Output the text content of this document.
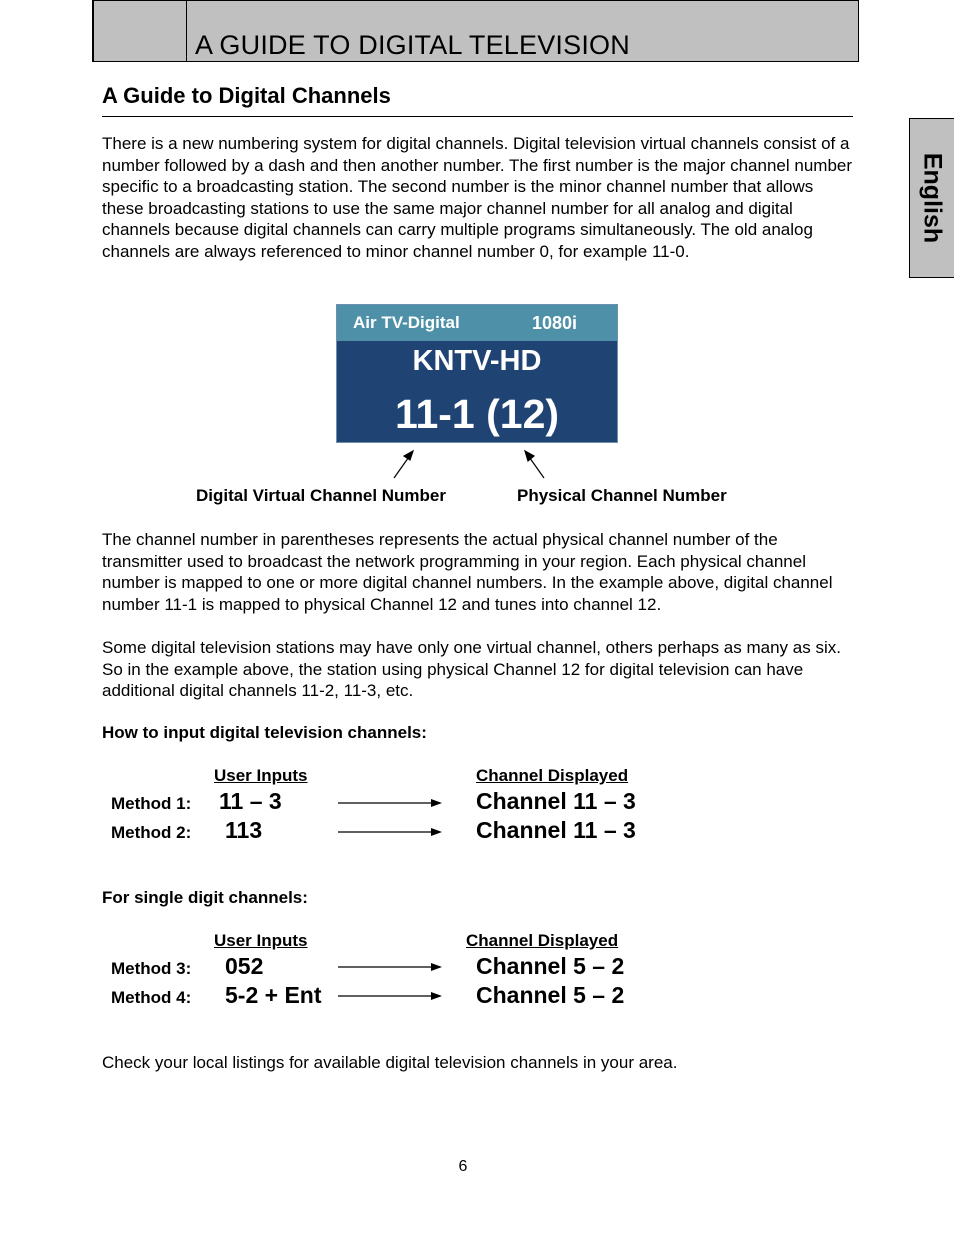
A GUIDE TO DIGITAL TELEVISION
English
A Guide to Digital Channels
There is a new numbering system for digital channels. Digital television virtual channels consist of a number followed by a dash and then another number. The first number is the major channel number specific to a broadcasting station. The second number is the minor channel number that allows these broadcasting stations to use the same major channel number for all analog and digital channels because digital channels can carry multiple programs simultaneously. The old analog channels are always referenced to minor channel number 0, for example 11-0.
Air TV-Digital	1080i
KNTV-HD
11-1 (12)
Digital Virtual Channel Number	Physical Channel Number
The channel number in parentheses represents the actual physical channel number of the transmitter used to broadcast the network programming in your region. Each physical channel number is mapped to one or more digital channel numbers. In the example above, digital channel number 11-1 is mapped to physical Channel 12 and tunes into channel 12.
Some digital television stations may have only one virtual channel, others perhaps as many as six. So in the example above, the station using physical Channel 12 for digital television can have additional digital channels 11-2, 11-3, etc.
How to input digital television channels:
User Inputs	Channel Displayed
Method 1: 11 – 3	Channel 11 – 3
Method 2: 113	Channel 11 – 3
For single digit channels:
User Inputs	Channel Displayed
Method 3: 052	Channel 5 – 2
Method 4: 5-2 + Ent	Channel 5 – 2
Check your local listings for available digital television channels in your area.
6
